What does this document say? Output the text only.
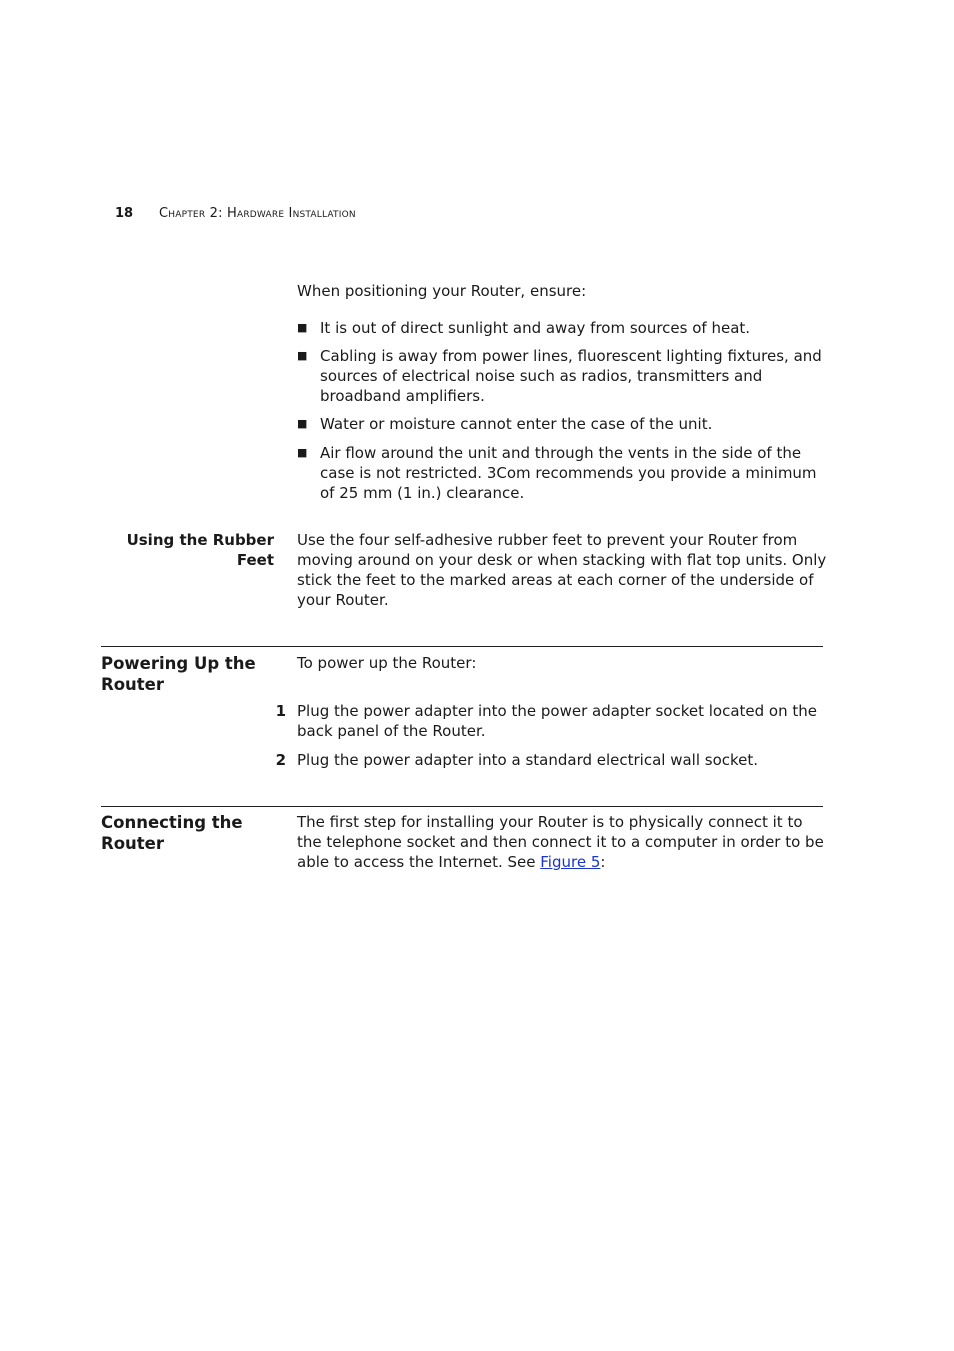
18 Chapter 2: Hardware Installation
When positioning your Router, ensure:
■ It is out of direct sunlight and away from sources of heat.
■ Cabling is away from power lines, fluorescent lighting fixtures, and sources of electrical noise such as radios, transmitters and broadband amplifiers.
■ Water or moisture cannot enter the case of the unit.
■ Air flow around the unit and through the vents in the side of the case is not restricted. 3Com recommends you provide a minimum of 25 mm (1 in.) clearance.
Using the Rubber
Feet
Use the four self-adhesive rubber feet to prevent your Router from moving around on your desk or when stacking with flat top units. Only stick the feet to the marked areas at each corner of the underside of your Router.
Powering Up the Router
To power up the Router:
1 Plug the power adapter into the power adapter socket located on the back panel of the Router.
2 Plug the power adapter into a standard electrical wall socket.
Connecting the Router
The first step for installing your Router is to physically connect it to the telephone socket and then connect it to a computer in order to be able to access the Internet. See Figure 5:
